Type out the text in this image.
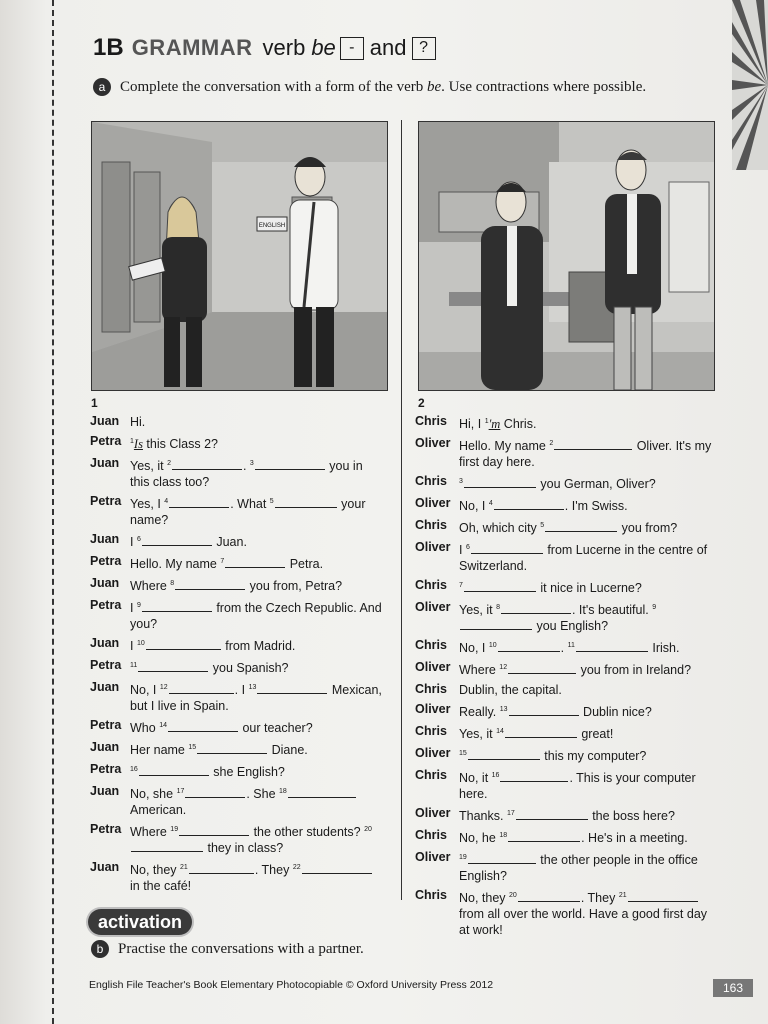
1B GRAMMAR verb be - and ?
a Complete the conversation with a form of the verb be. Use contractions where possible.
ENGLISH
1
Juan Hi.
Petra $^1$Is this Class 2?
Juan Yes, it $^2$	. $^3$	you in this class too?
Petra Yes, I $^4$	. What $^5$	your name?
Juan I $^6$	Juan.
Petra Hello. My name $^7$	Petra.
Juan Where $^8$	you from, Petra?
Petra I $^9$	from the Czech Republic. And you?
Juan I $^{10}$	from Madrid.
Petra $^{11}$	you Spanish?
Juan No, I $^{12}$	. I $^{13}$	Mexican, but I live in Spain.
Petra Who $^{14}$	our teacher?
Juan Her name $^{15}$	Diane.
Petra $^{16}$	she English?
Juan No, she $^{17}$	. She $^{18}$ American.
Petra Where $^{19}$	the other students? $^{20}$ they in class?
Juan No, they $^{21}$	. They $^{22}$ in the café!
2
Chris Hi, I $^1$'m Chris.
Oliver Hello. My name $^2$	Oliver. It's my first day here.
Chris $^3$	you German, Oliver?
Oliver No, I $^4$	. I'm Swiss.
Chris Oh, which city $^5$	you from?
Oliver I $^6$	from Lucerne in the centre of Switzerland.
Chris $^7$	it nice in Lucerne?
Oliver Yes, it $^8$	. It's beautiful. $^9$ you English?
Chris No, I $^{10}$	. $^{11}$	Irish.
Oliver Where $^{12}$	you from in Ireland?
Chris Dublin, the capital.
Oliver Really. $^{13}$	Dublin nice?
Chris Yes, it $^{14}$	great!
Oliver $^{15}$	this my computer?
Chris No, it $^{16}$	. This is your computer here.
Oliver Thanks. $^{17}$	the boss here?
Chris No, he $^{18}$	. He's in a meeting.
Oliver $^{19}$	the other people in the office English?
Chris No, they $^{20}$	. They $^{21}$ from all over the world. Have a good first day at work!
activation
b Practise the conversations with a partner.
English File Teacher's Book Elementary Photocopiable © Oxford University Press 2012	163
